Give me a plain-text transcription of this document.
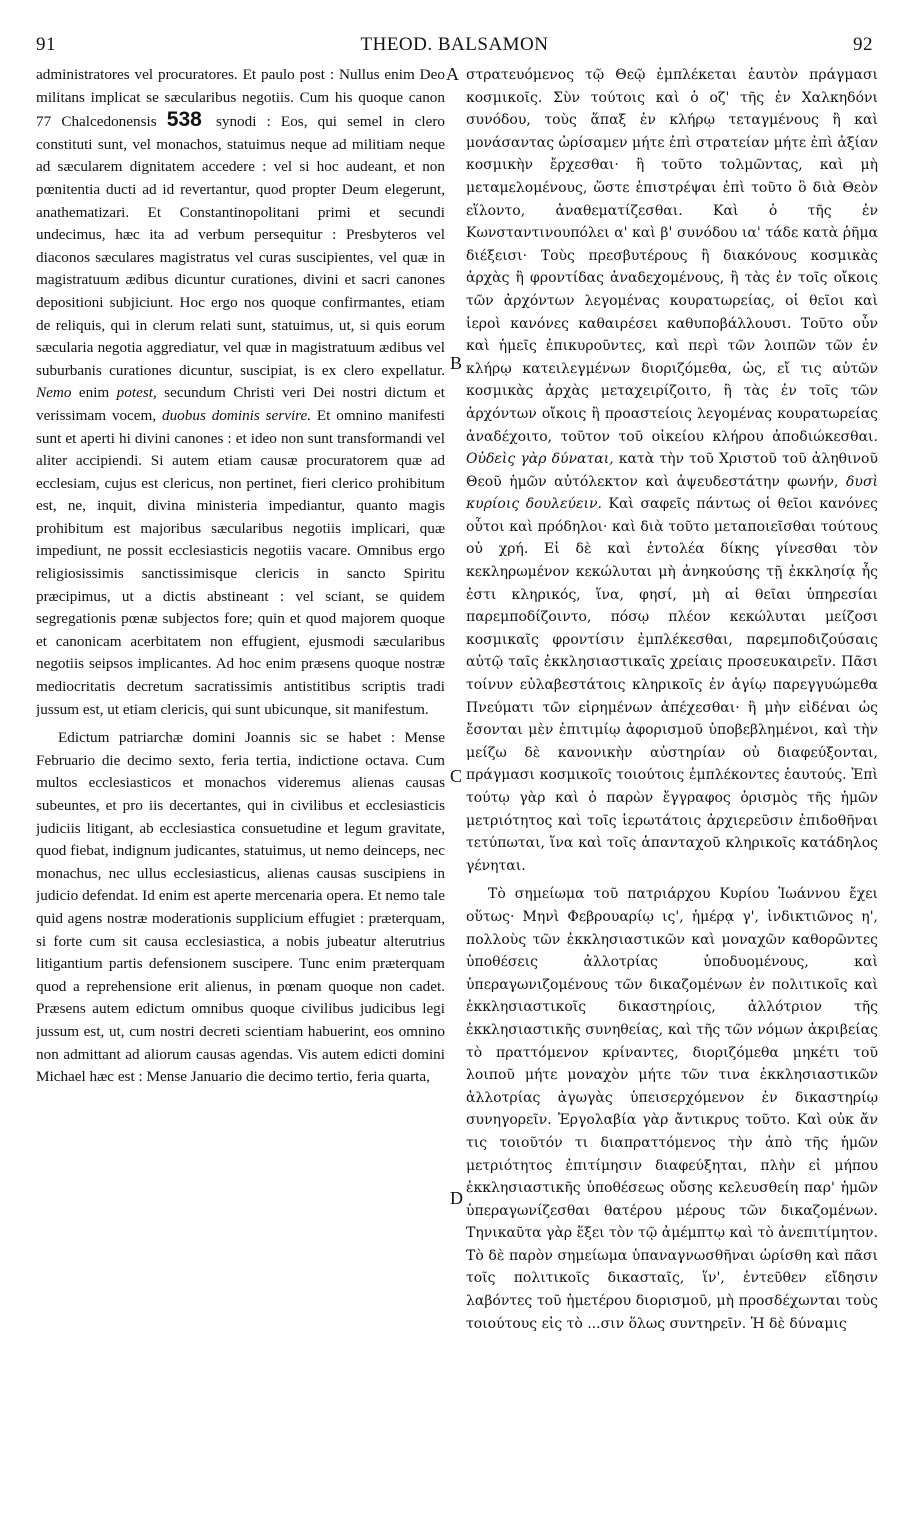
91	THEOD. BALSAMON	92

administratores vel procuratores. Et paulo post : Nullus enim Deo militans implicat se sæcularibus negotiis. Cum his quoque canon 77 Chalcedonensis 538 synodi : Eos, qui semel in clero constituti sunt, vel monachos, statuimus neque ad militiam neque ad sæcularem dignitatem accedere : vel si hoc audeant, et non pœnitentia ducti ad id revertantur, quod propter Deum elegerunt, anathematizari. Et Constantinopolitani primi et secundi undecimus, hæc ita ad verbum persequitur : Presbyteros vel diaconos sæculares magistratus vel curas suscipientes, vel quæ in magistratuum ædibus dicuntur curationes, divini et sacri canones depositioni subjiciunt. Hoc ergo nos quoque confirmantes, etiam de reliquis, qui in clerum relati sunt, statuimus, ut, si quis eorum sæcularia negotia aggrediatur, vel quæ in magistratuum ædibus vel suburbanis curationes dicuntur, suscipiat, is ex clero expellatur. Nemo enim potest, secundum Christi veri Dei nostri dictum et verissimam vocem, duobus dominis servire. Et omnino manifesti sunt et aperti hi divini canones : et ideo non sunt transformandi vel aliter accipiendi. Si autem etiam causæ procuratorem quæ ad ecclesiam, cujus est clericus, non pertinet, fieri clerico prohibitum est, ne, inquit, divina ministeria impediantur, quanto magis prohibitum est majoribus sæcularibus negotiis implicari, quæ impediunt, ne possit ecclesiasticis negotiis vacare. Omnibus ergo religiosissimis sanctissimisque clericis in sancto Spiritu præcipimus, ut a dictis abstineant : vel sciant, se quidem segregationis pœnæ subjectos fore; quin et quod majorem quoque et canonicam acerbitatem non effugient, ejusmodi sæcularibus negotiis seipsos implicantes. Ad hoc enim præsens quoque nostræ mediocritatis decretum sacratissimis antistitibus scriptis tradi jussum est, ut etiam clericis, qui sunt ubicunque, sit manifestum.

Edictum patriarchæ domini Joannis sic se habet : Mense Februario die decimo sexto, feria tertia, indictione octava. Cum multos ecclesiasticos et monachos videremus alienas causas subeuntes, et pro iis decertantes, qui in civilibus et ecclesiasticis judiciis litigant, ab ecclesiastica consuetudine et legum gravitate, quod fiebat, indignum judicantes, statuimus, ut nemo deinceps, nec monachus, nec ullus ecclesiasticus, alienas causas suscipiens in judicio defendat. Id enim est aperte mercenaria opera. Et nemo tale quid agens nostræ moderationis supplicium effugiet : præterquam, si forte cum sit causa ecclesiastica, a nobis jubeatur alterutrius litigantium partis defensionem suscipere. Tunc enim præterquam quod a reprehensione erit alienus, in pœnam quoque non cadet. Præsens autem edictum omnibus quoque civilibus judicibus legi jussum est, ut, cum nostri decreti scientiam habuerint, eos omnino non admittant ad aliorum causas agendas. Vis autem edicti domini Michael hæc est : Mense Januario die decimo tertio, feria quarta,

στρατευόμενος τῷ Θεῷ ἐμπλέκεται ἑαυτὸν πράγμασι κοσμικοῖς. Σὺν τούτοις καὶ ὁ οζ' τῆς ἐν Χαλκηδόνι συνόδου, τοὺς ἅπαξ ἐν κλήρῳ τεταγμένους ἢ καὶ μονάσαντας ὡρίσαμεν μήτε ἐπὶ στρατείαν μήτε ἐπὶ ἀξίαν κοσμικὴν ἔρχεσθαι· ἢ τοῦτο τολμῶντας, καὶ μὴ μεταμελομένους, ὥστε ἐπιστρέψαι ἐπὶ τοῦτο ὃ διὰ Θεὸν εἵλοντο, ἀναθεματίζεσθαι. Καὶ ὁ τῆς ἐν Κωνσταντινουπόλει α' καὶ β' συνόδου ια' τάδε κατὰ ῥῆμα διέξεισι· Τοὺς πρεσβυτέρους ἢ διακόνους κοσμικὰς ἀρχὰς ἢ φροντίδας ἀναδεχομένους, ἢ τὰς ἐν τοῖς οἴκοις τῶν ἀρχόντων λεγομένας κουρατωρείας, οἱ θεῖοι καὶ ἱεροὶ κανόνες καθαιρέσει καθυποβάλλουσι. Τοῦτο οὖν καὶ ἡμεῖς ἐπικυροῦντες, καὶ περὶ τῶν λοιπῶν τῶν ἐν κλήρῳ κατειλεγμένων διοριζόμεθα, ὡς, εἴ τις αὐτῶν κοσμικὰς ἀρχὰς μεταχειρίζοιτο, ἢ τὰς ἐν τοῖς τῶν ἀρχόντων οἴκοις ἢ προαστείοις λεγομένας κουρατωρείας ἀναδέχοιτο, τοῦτον τοῦ οἰκείου κλήρου ἀποδιώκεσθαι. Οὐδεὶς γὰρ δύναται, κατὰ τὴν τοῦ Χριστοῦ τοῦ ἀληθινοῦ Θεοῦ ἡμῶν αὐτόλεκτον καὶ ἀψευδεστάτην φωνήν, δυσὶ κυρίοις δουλεύειν. Καὶ σαφεῖς πάντως οἱ θεῖοι κανόνες οὗτοι καὶ πρόδηλοι· καὶ διὰ τοῦτο μεταποιεῖσθαι τούτους οὐ χρή. Εἰ δὲ καὶ ἐντολέα δίκης γίνεσθαι τὸν κεκληρωμένον κεκώλυται μὴ ἀνηκούσης τῇ ἐκκλησίᾳ ἧς ἐστι κληρικός, ἵνα, φησί, μὴ αἱ θεῖαι ὑπηρεσίαι παρεμποδίζοιντο, πόσῳ πλέον κεκώλυται μείζοσι κοσμικαῖς φροντίσιν ἐμπλέκεσθαι, παρεμποδιζούσαις αὐτῷ ταῖς ἐκκλησιαστικαῖς χρείαις προσευκαιρεῖν. Πᾶσι τοίνυν εὐλαβεστάτοις κληρικοῖς ἐν ἁγίῳ παρεγγυώμεθα Πνεύματι τῶν εἰρημένων ἀπέχεσθαι· ἢ μὴν εἰδέναι ὡς ἔσονται μὲν ἐπιτιμίῳ ἀφορισμοῦ ὑποβεβλημένοι, καὶ τὴν μείζω δὲ κανονικὴν αὐστηρίαν οὐ διαφεύξονται, πράγμασι κοσμικοῖς τοιούτοις ἐμπλέκοντες ἑαυτούς. Ἐπὶ τούτῳ γὰρ καὶ ὁ παρὼν ἔγγραφος ὁρισμὸς τῆς ἡμῶν μετριότητος καὶ τοῖς ἱερωτάτοις ἀρχιερεῦσιν ἐπιδοθῆναι τετύπωται, ἵνα καὶ τοῖς ἁπανταχοῦ κληρικοῖς κατάδηλος γένηται.

Τὸ σημείωμα τοῦ πατριάρχου Κυρίου Ἰωάννου ἔχει οὕτως· Μηνὶ Φεβρουαρίῳ ις', ἡμέρᾳ γ', ἰνδικτιῶνος η', πολλοὺς τῶν ἐκκλησιαστικῶν καὶ μοναχῶν καθορῶντες ὑποθέσεις ἀλλοτρίας ὑποδυομένους, καὶ ὑπεραγωνιζομένους τῶν δικαζομένων ἐν πολιτικοῖς καὶ ἐκκλησιαστικοῖς δικαστηρίοις, ἀλλότριον τῆς ἐκκλησιαστικῆς συνηθείας, καὶ τῆς τῶν νόμων ἀκριβείας τὸ πραττόμενον κρίναντες, διοριζόμεθα μηκέτι τοῦ λοιποῦ μήτε μοναχὸν μήτε τῶν τινα ἐκκλησιαστικῶν ἀλλοτρίας ἀγωγὰς ὑπεισερχόμενον ἐν δικαστηρίῳ συνηγορεῖν. Ἐργολαβία γὰρ ἄντικρυς τοῦτο. Καὶ οὐκ ἄν τις τοιοῦτόν τι διαπραττόμενος τὴν ἀπὸ τῆς ἡμῶν μετριότητος ἐπιτίμησιν διαφεύξηται, πλὴν εἰ μήπου ἐκκλησιαστικῆς ὑποθέσεως οὔσης κελευσθείη παρ' ἡμῶν ὑπεραγωνίζεσθαι θατέρου μέρους τῶν δικαζομένων. Τηνικαῦτα γὰρ ἕξει τὸν τῷ ἀμέμπτῳ καὶ τὸ ἀνεπιτίμητον. Τὸ δὲ παρὸν σημείωμα ὑπαναγνωσθῆναι ὡρίσθη καὶ πᾶσι τοῖς πολιτικοῖς δικασταῖς, ἵν', ἐντεῦθεν εἴδησιν λαβόντες τοῦ ἡμετέρου διορισμοῦ, μὴ προσδέχωνται τοὺς τοιούτους εἰς τὸ ...σιν ὅλως συντηρεῖν. Ἡ δὲ δύναμις

A
B
C
D
